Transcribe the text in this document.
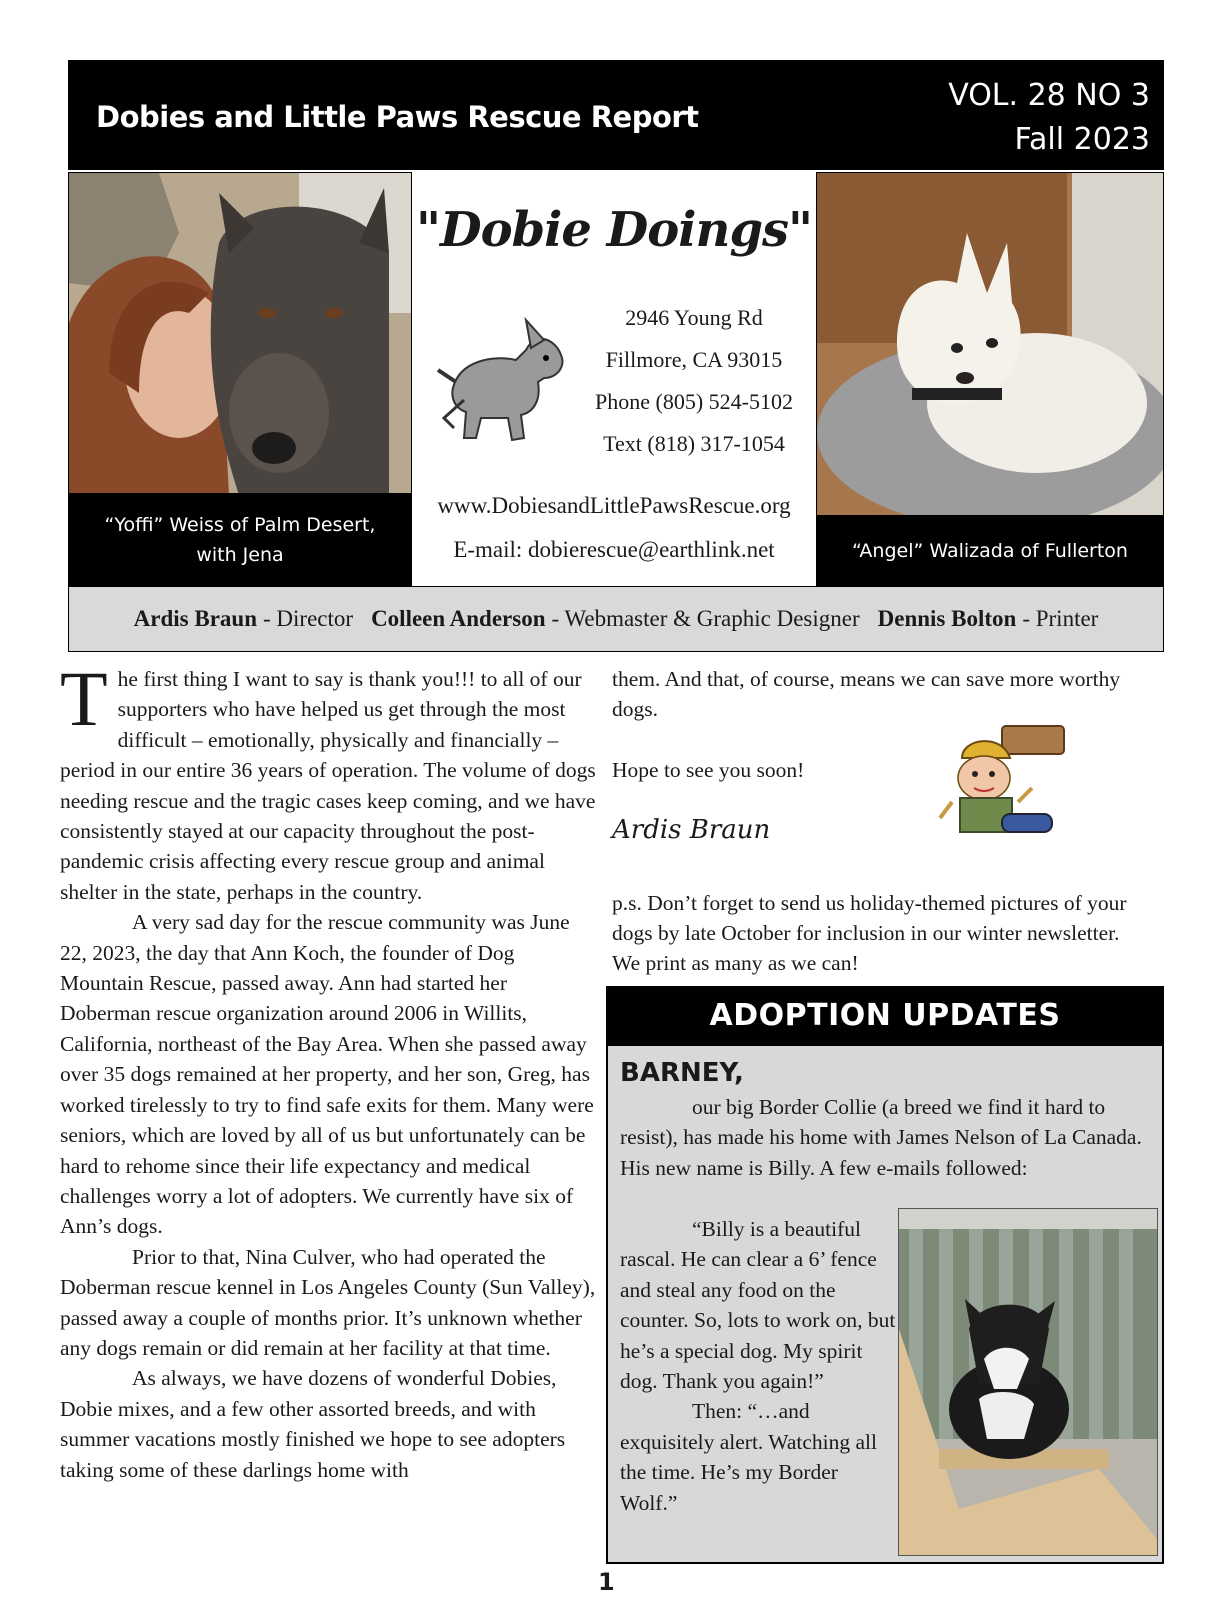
Dobies and Little Paws Rescue Report
VOL. 28 NO 3
Fall 2023
“Yoffi” Weiss of Palm Desert,
with Jena
"Dobie Doings"
2946 Young Rd
Fillmore, CA 93015
Phone (805) 524-5102
Text (818) 317-1054
www.DobiesandLittlePawsRescue.org
E-mail: dobierescue@earthlink.net	“Angel” Walizada of Fullerton
Ardis Braun - Director Colleen Anderson - Webmaster & Graphic Designer Dennis Bolton - Printer

The first thing I want to say is thank you!!! to all of our supporters who have helped us get through the most difficult – emotionally, physically and financially – period in our entire 36 years of operation. The volume of dogs needing rescue and the tragic cases keep coming, and we have consistently stayed at our capacity throughout the post-pandemic crisis affecting every rescue group and animal shelter in the state, perhaps in the country.

A very sad day for the rescue community was June 22, 2023, the day that Ann Koch, the founder of Dog Mountain Rescue, passed away. Ann had started her Doberman rescue organization around 2006 in Willits, California, northeast of the Bay Area. When she passed away over 35 dogs remained at her property, and her son, Greg, has worked tirelessly to try to find safe exits for them. Many were seniors, which are loved by all of us but unfortunately can be hard to rehome since their life expectancy and medical challenges worry a lot of adopters. We currently have six of Ann’s dogs.

Prior to that, Nina Culver, who had operated the Doberman rescue kennel in Los Angeles County (Sun Valley), passed away a couple of months prior. It’s unknown whether any dogs remain or did remain at her facility at that time.

As always, we have dozens of wonderful Dobies, Dobie mixes, and a few other assorted breeds, and with summer vacations mostly finished we hope to see adopters taking some of these darlings home with

them. And that, of course, means we can save more worthy dogs.

Hope to see you soon!

Ardis Braun

p.s. Don’t forget to send us holiday-themed pictures of your dogs by late October for inclusion in our winter newsletter. We print as many as we can!

ADOPTION UPDATES
BARNEY,

our big Border Collie (a breed we find it hard to resist), has made his home with James Nelson of La Canada. His new name is Billy. A few e-mails followed:

“Billy is a beautiful rascal. He can clear a 6’ fence and steal any food on the counter. So, lots to work on, but he’s a special dog. My spirit dog. Thank you again!”

Then: “…and exquisitely alert. Watching all the time. He’s my Border Wolf.”

1
